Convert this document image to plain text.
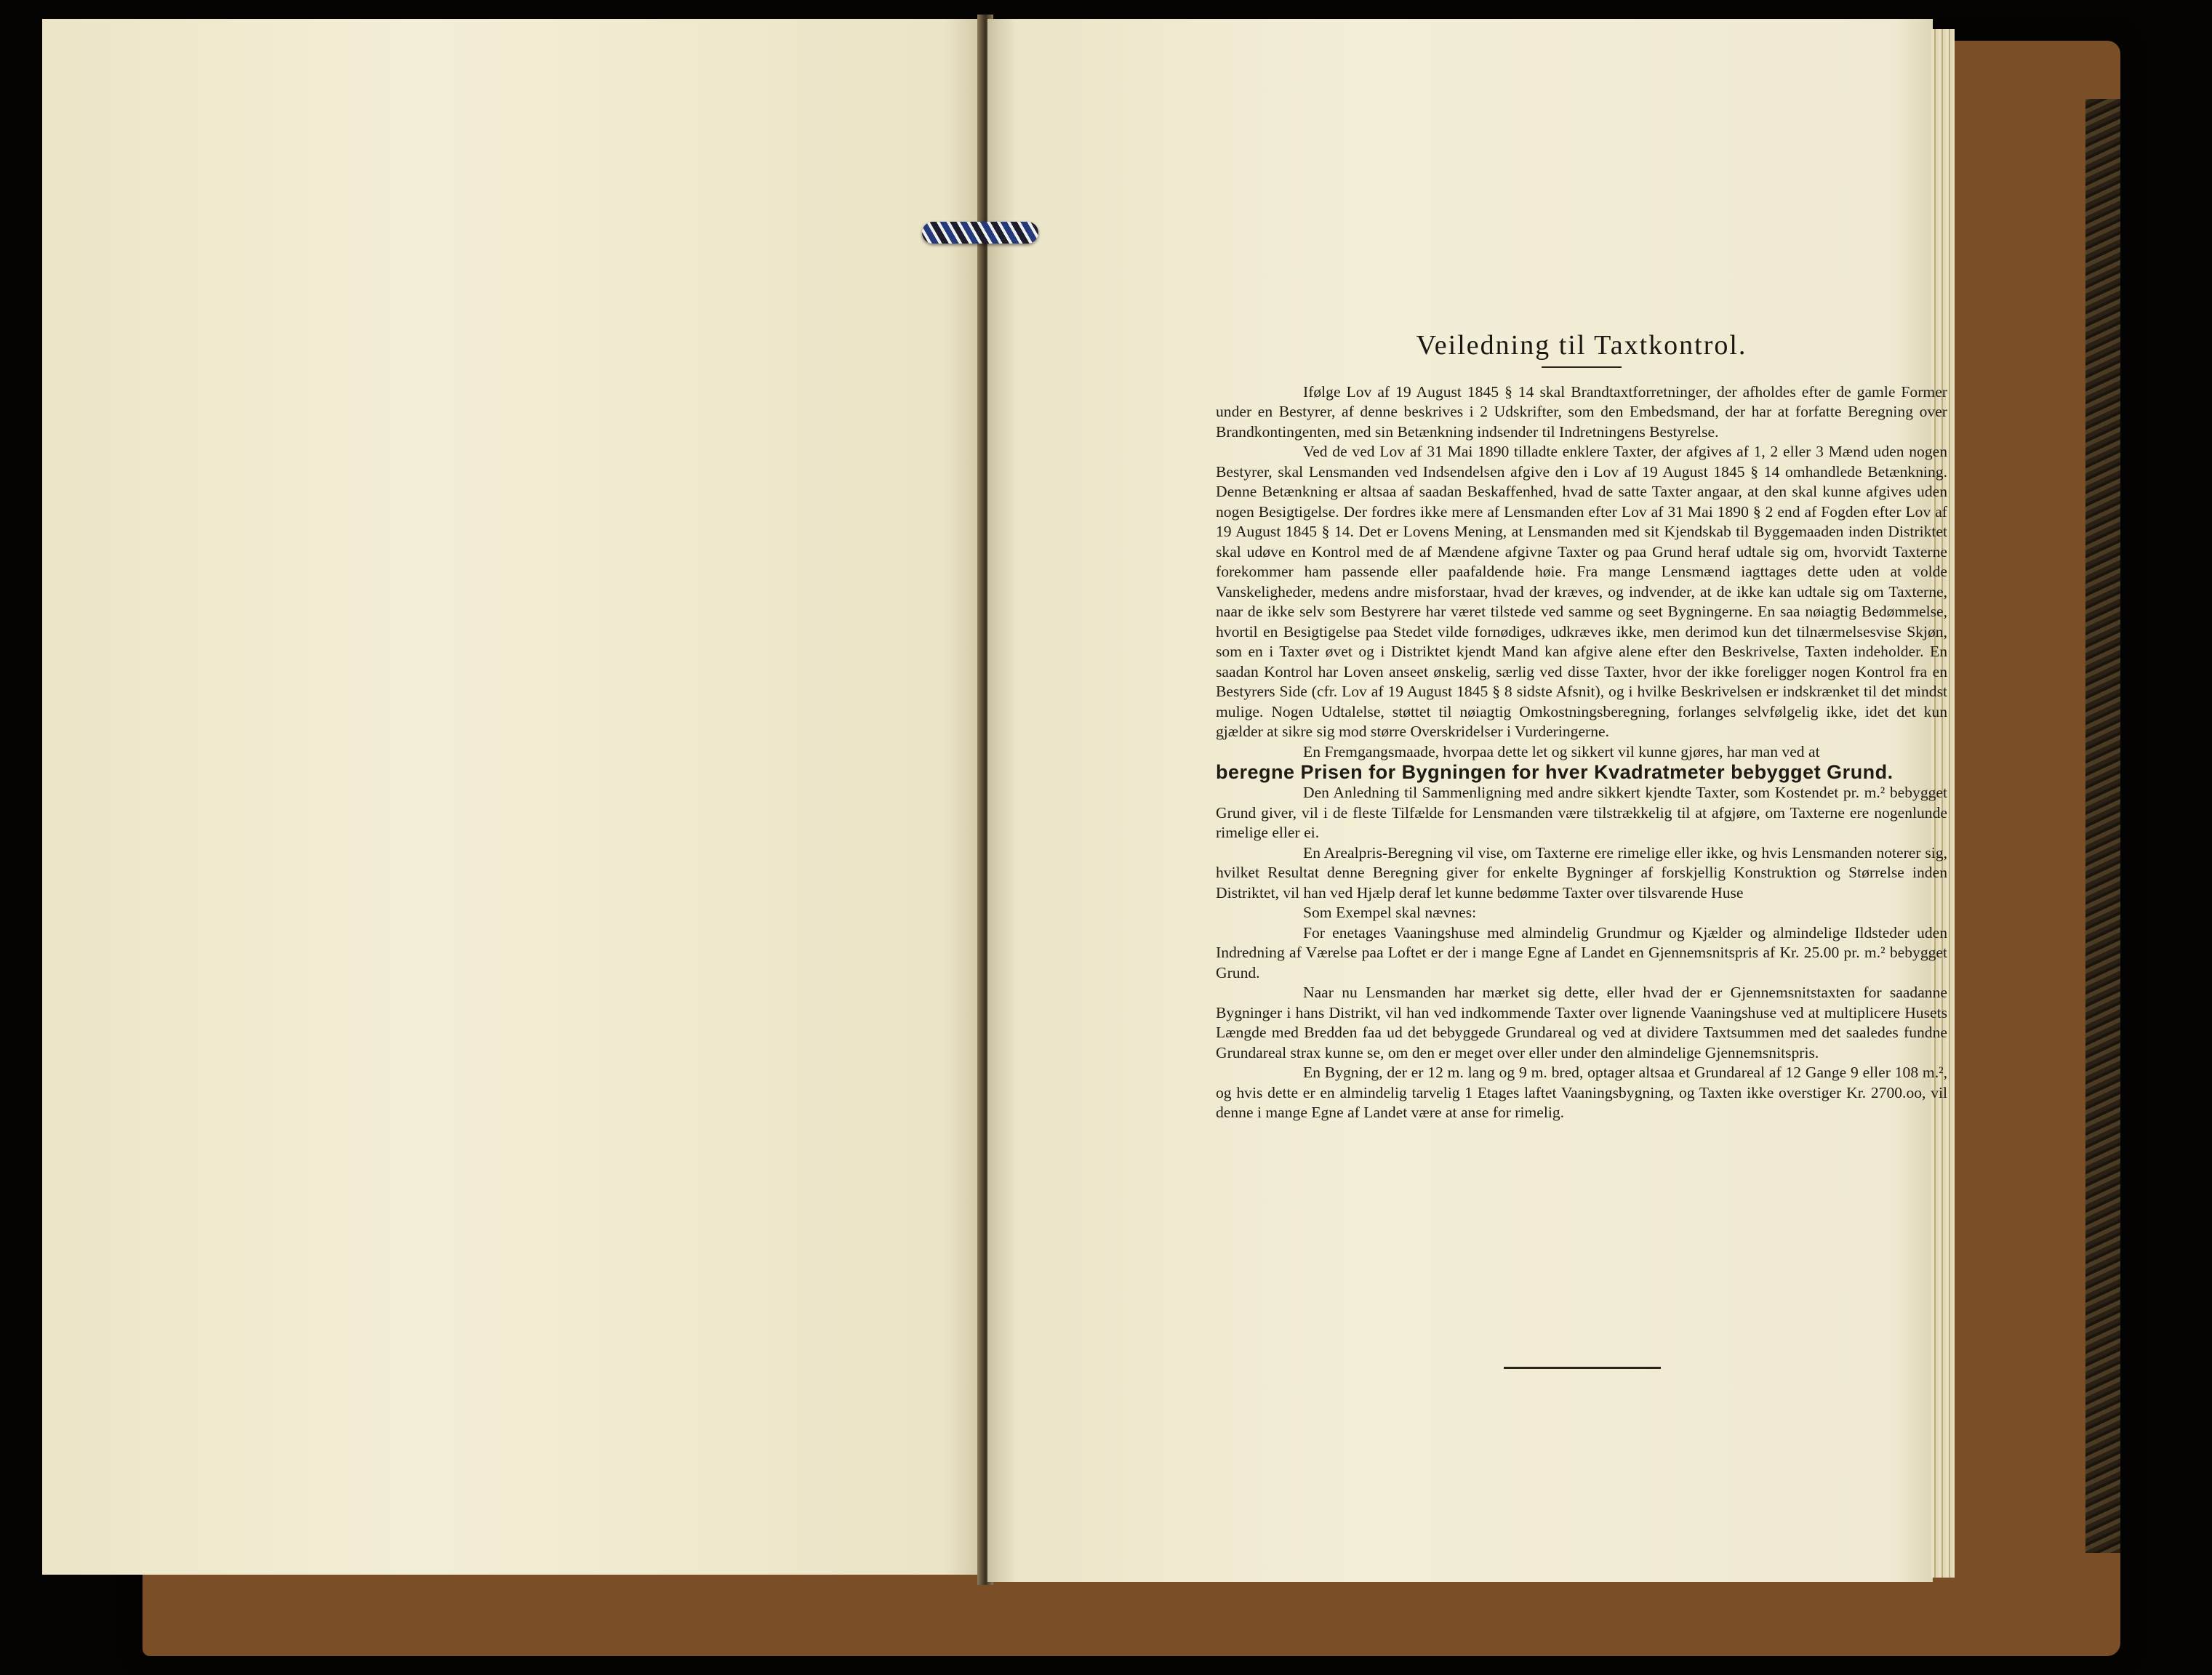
Veiledning til Taxtkontrol.

Ifølge Lov af 19 August 1845 § 14 skal Brandtaxtforretninger, der afholdes efter de gamle Former under en Bestyrer, af denne beskrives i 2 Udskrifter, som den Embedsmand, der har at forfatte Beregning over Brandkontingenten, med sin Betænkning indsender til Indretningens Bestyrelse.

Ved de ved Lov af 31 Mai 1890 tilladte enklere Taxter, der afgives af 1, 2 eller 3 Mænd uden nogen Bestyrer, skal Lensmanden ved Indsendelsen afgive den i Lov af 19 August 1845 § 14 omhandlede Betænkning. Denne Betænkning er altsaa af saadan Beskaffenhed, hvad de satte Taxter angaar, at den skal kunne afgives uden nogen Besigtigelse. Der fordres ikke mere af Lensmanden efter Lov af 31 Mai 1890 § 2 end af Fogden efter Lov af 19 August 1845 § 14. Det er Lovens Mening, at Lensmanden med sit Kjendskab til Byggemaaden inden Distriktet skal udøve en Kontrol med de af Mændene afgivne Taxter og paa Grund heraf udtale sig om, hvorvidt Taxterne forekommer ham passende eller paafaldende høie. Fra mange Lensmænd iagttages dette uden at volde Vanskeligheder, medens andre misforstaar, hvad der kræves, og indvender, at de ikke kan udtale sig om Taxterne, naar de ikke selv som Bestyrere har været tilstede ved samme og seet Bygningerne. En saa nøiagtig Bedømmelse, hvortil en Besigtigelse paa Stedet vilde fornødiges, udkræves ikke, men derimod kun det tilnærmelsesvise Skjøn, som en i Taxter øvet og i Distriktet kjendt Mand kan afgive alene efter den Beskrivelse, Taxten indeholder. En saadan Kontrol har Loven anseet ønskelig, særlig ved disse Taxter, hvor der ikke foreligger nogen Kontrol fra en Bestyrers Side (cfr. Lov af 19 August 1845 § 8 sidste Afsnit), og i hvilke Beskrivelsen er indskrænket til det mindst mulige. Nogen Udtalelse, støttet til nøiagtig Omkostningsberegning, forlanges selvfølgelig ikke, idet det kun gjælder at sikre sig mod større Overskridelser i Vurderingerne.

En Fremgangsmaade, hvorpaa dette let og sikkert vil kunne gjøres, har man ved at

beregne Prisen for Bygningen for hver Kvadratmeter bebygget Grund.

Den Anledning til Sammenligning med andre sikkert kjendte Taxter, som Kostendet pr. m.² bebygget Grund giver, vil i de fleste Tilfælde for Lensmanden være tilstrækkelig til at afgjøre, om Taxterne ere nogenlunde rimelige eller ei.

En Arealpris-Beregning vil vise, om Taxterne ere rimelige eller ikke, og hvis Lensmanden noterer sig, hvilket Resultat denne Beregning giver for enkelte Bygninger af forskjellig Konstruktion og Størrelse inden Distriktet, vil han ved Hjælp deraf let kunne bedømme Taxter over tilsvarende Huse

Som Exempel skal nævnes:

For enetages Vaaningshuse med almindelig Grundmur og Kjælder og almindelige Ildsteder uden Indredning af Værelse paa Loftet er der i mange Egne af Landet en Gjennemsnitspris af Kr. 25.00 pr. m.² bebygget Grund.

Naar nu Lensmanden har mærket sig dette, eller hvad der er Gjennemsnitstaxten for saadanne Bygninger i hans Distrikt, vil han ved indkommende Taxter over lignende Vaaningshuse ved at multiplicere Husets Længde med Bredden faa ud det bebyggede Grundareal og ved at dividere Taxtsummen med det saaledes fundne Grundareal strax kunne se, om den er meget over eller under den almindelige Gjennemsnitspris.

En Bygning, der er 12 m. lang og 9 m. bred, optager altsaa et Grundareal af 12 Gange 9 eller 108 m.², og hvis dette er en almindelig tarvelig 1 Etages laftet Vaaningsbygning, og Taxten ikke overstiger Kr. 2700.oo, vil denne i mange Egne af Landet være at anse for rimelig.
